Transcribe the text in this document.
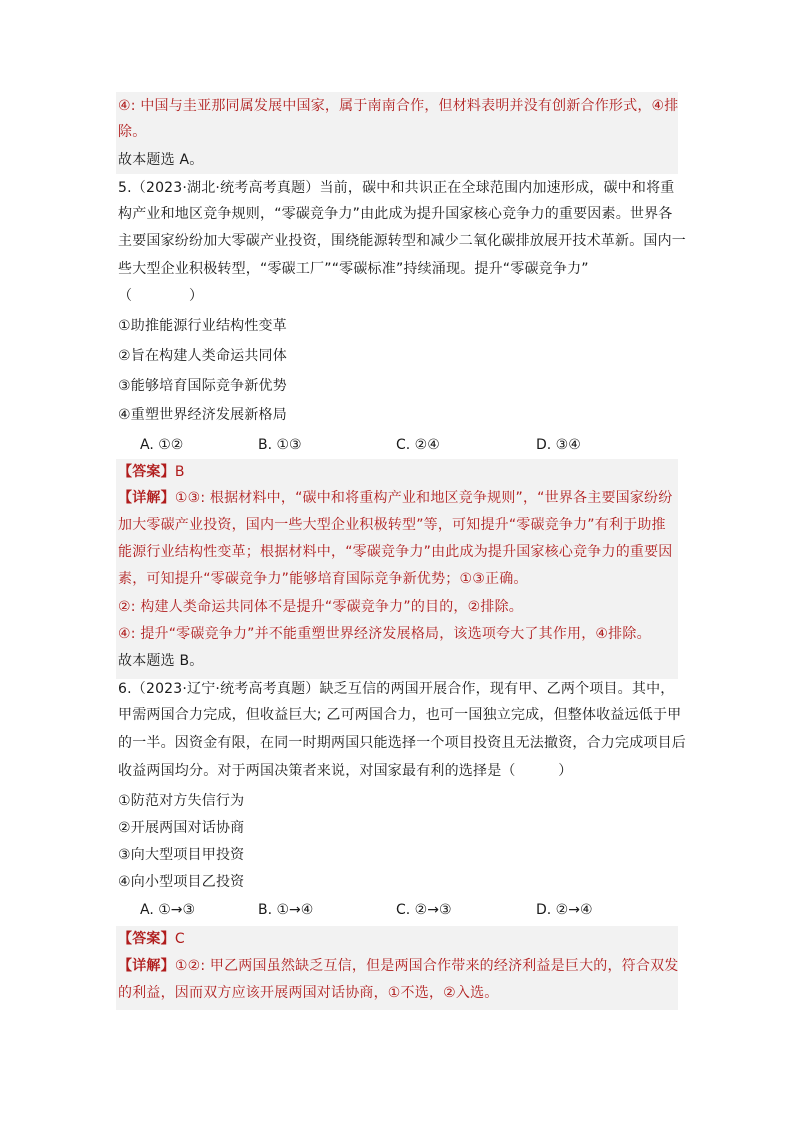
④: 中国与圭亚那同属发展中国家，属于南南合作，但材料表明并没有创新合作形式，④排
除。
故本题选 A。
5.（2023·湖北·统考高考真题）当前，碳中和共识正在全球范围内加速形成，碳中和将重
构产业和地区竞争规则，“零碳竞争力”由此成为提升国家核心竞争力的重要因素。世界各
主要国家纷纷加大零碳产业投资，围绕能源转型和减少二氧化碳排放展开技术革新。国内一
些大型企业积极转型，“零碳工厂”“零碳标准”持续涌现。提升“零碳竞争力”
（　　　　）
①助推能源行业结构性变革
②旨在构建人类命运共同体
③能够培育国际竞争新优势
④重塑世界经济发展新格局
A. ①②	B. ①③	C. ②④	D. ③④
【答案】B
【详解】①③: 根据材料中，“碳中和将重构产业和地区竞争规则”，“世界各主要国家纷纷
加大零碳产业投资，国内一些大型企业积极转型”等，可知提升“零碳竞争力”有利于助推
能源行业结构性变革；根据材料中，“零碳竞争力”由此成为提升国家核心竞争力的重要因
素，可知提升“零碳竞争力”能够培育国际竞争新优势；①③正确。
②: 构建人类命运共同体不是提升“零碳竞争力”的目的，②排除。
④: 提升“零碳竞争力”并不能重塑世界经济发展格局，该选项夸大了其作用，④排除。
故本题选 B。
6.（2023·辽宁·统考高考真题）缺乏互信的两国开展合作，现有甲、乙两个项目。其中，
甲需两国合力完成，但收益巨大; 乙可两国合力，也可一国独立完成，但整体收益远低于甲
的一半。因资金有限，在同一时期两国只能选择一个项目投资且无法撤资，合力完成项目后
收益两国均分。对于两国决策者来说，对国家最有利的选择是（　　　）
①防范对方失信行为
②开展两国对话协商
③向大型项目甲投资
④向小型项目乙投资
A. ①→③	B. ①→④	C. ②→③	D. ②→④
【答案】C
【详解】①②: 甲乙两国虽然缺乏互信，但是两国合作带来的经济利益是巨大的，符合双发
的利益，因而双方应该开展两国对话协商，①不选，②入选。
